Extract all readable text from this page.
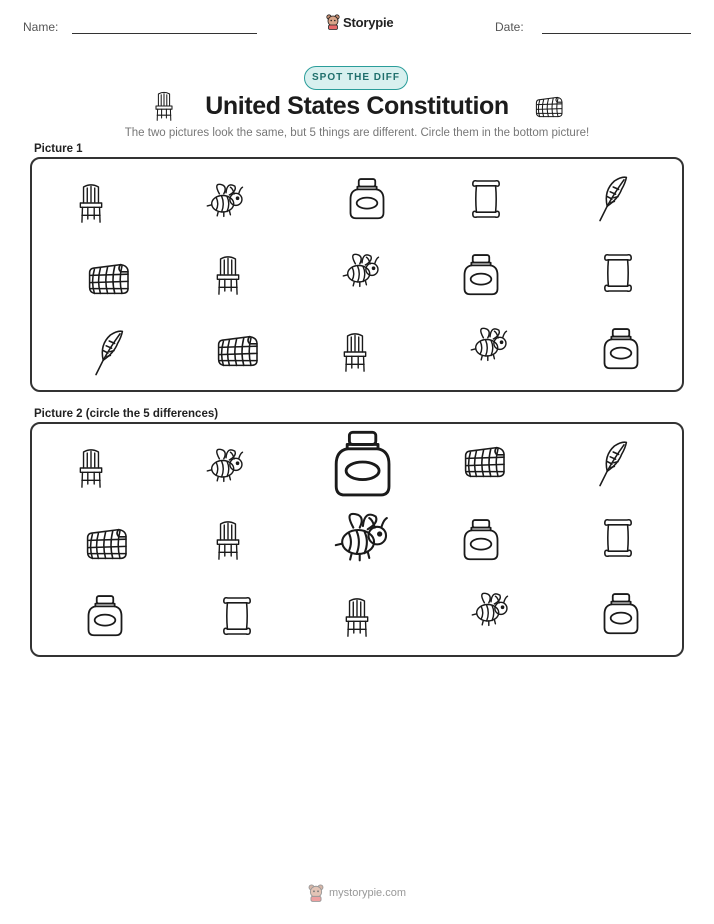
Name:	Storypie	Date:
SPOT THE DIFF
United States Constitution
The two pictures look the same, but 5 things are different. Circle them in the bottom picture!
Picture 1
Picture 2 (circle the 5 differences)
mystorypie.com
